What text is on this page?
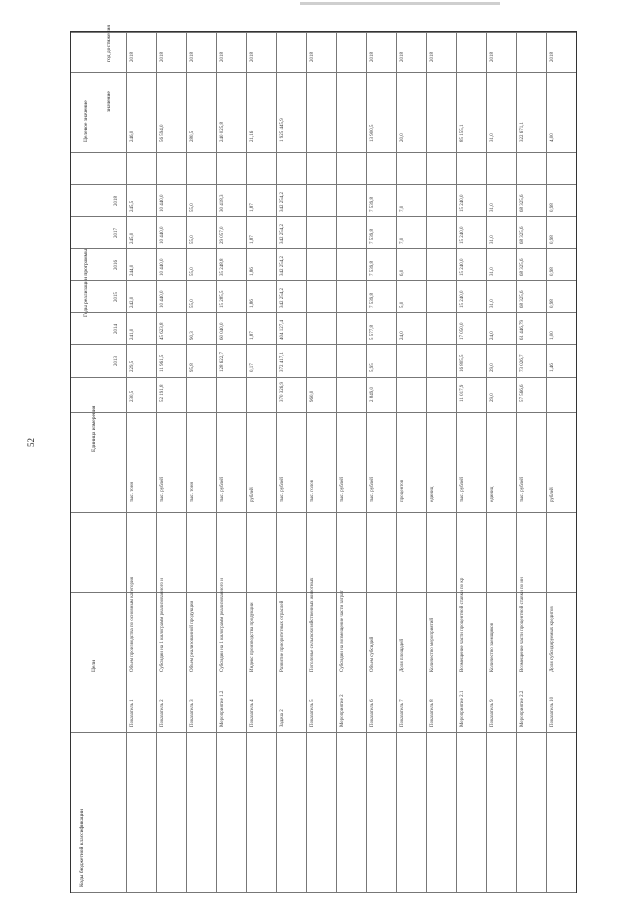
52
Коды бюджетной классификации
Цели
Единица измерения
Годы реализации программы
Целевое значение	значение
год достижения
2013
2014
2015
2016
2017
2018
Показатель 1
Объем производства по основным категория
тыс. тонн
230,5
229,5
241,0
242,0
244,0
245,0
245,5
246,0
2018
Показатель 2
Субсидии на 1 килограмм реализованного и
тыс. рублей
52 191,8
11 961,5
45 623,8
10 440,0
10 440,0
10 440,0
10 440,0
56 594,0
2018
Показатель 3
Объем реализованной продукции
тыс. тонн
95,8
90,3
55,0
55,0
55,0
55,0
280,5
2018
Мероприятие 1.2
Субсидии на 1 килограмм реализованного и
тыс. рублей
128 622,7
60 040,0
15 285,5
35 248,8
29 057,0
30 418,3
240 025,8
2018
Показатель 4
Индекс производства продукции
рублей
0,17
1,87
1,86
1,86
1,87
1,87
21,16
2018
Задача 2
Развитие приоритетных отраслей
тыс. рублей
370 326,9
372 417,1
404 127,4
342 254,2
342 254,2
342 254,2
342 254,2
1 925 445,9
Показатель 5
Поголовье сельскохозяйственных животных
тыс. голов
960,0
2018
Мероприятие 2
Субсидии на возмещение части затрат
тыс. рублей
Показатель 6
Объем субсидий
тыс. рублей
2 849,0
5,95
5 577,8
7 539,8
7 539,8
7 539,8
7 539,8
13 900,5
2018
Показатель 7
Доля площадей
процентов
24,0
5,0
6,0
7,0
7,0
20,0
2018
Показатель 8
Количество мероприятий
единиц
2018
Мероприятие 2.1
Возмещение части процентной ставки по кр
тыс. рублей
11 017,9
16 805,5
17 050,0
15 240,0
15 240,0
15 240,0
15 240,0
85 155,1
Показатель 9
Количество заемщиков
единиц
29,0
29,0
24,0
31,0
31,0
31,0
31,0
31,0
2018
Мероприятие 2.2
Возмещение части процентной ставки по ин
тыс. рублей
57 566,6
73 026,7
61 446,79
68 325,6
68 325,6
68 325,6
68 325,6
322 671,1
Показатель 10
Доля субсидируемых кредитов
рублей
1,46
1,00
0,98
0,98
0,98
0,98
4,00
2018
